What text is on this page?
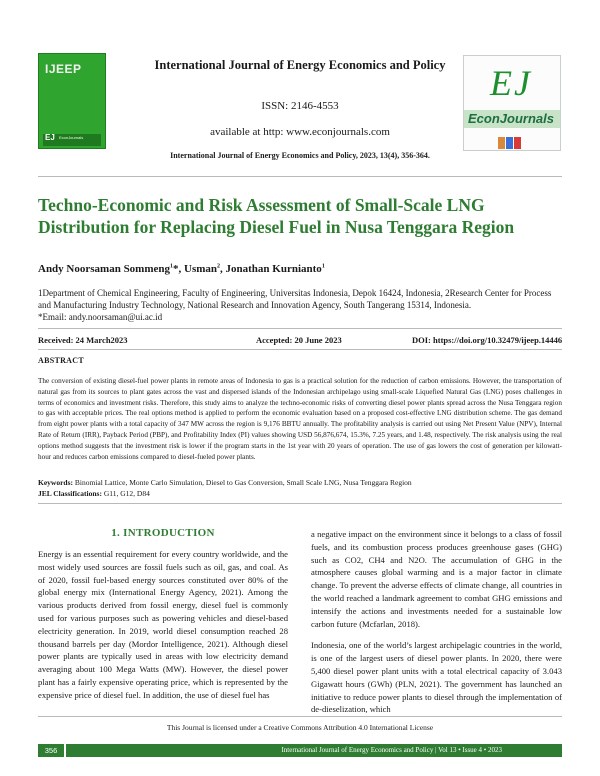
IJEEP
EJ EconJournals
International Journal of Energy Economics and Policy
ISSN: 2146-4553
available at http: www.econjournals.com
International Journal of Energy Economics and Policy, 2023, 13(4), 356-364.
EJ
EconJournals
Techno-Economic and Risk Assessment of Small-Scale LNG Distribution for Replacing Diesel Fuel in Nusa Tenggara Region
Andy Noorsaman Sommeng$^1$*, Usman$^2$, Jonathan Kurnianto$^1$
1Department of Chemical Engineering, Faculty of Engineering, Universitas Indonesia, Depok 16424, Indonesia, 2Research Center for Process and Manufacturing Industry Technology, National Research and Innovation Agency, South Tangerang 15314, Indonesia.
*Email: andy.noorsaman@ui.ac.id
Received: 24 March2023	Accepted: 20 June 2023	DOI: https://doi.org/10.32479/ijeep.14446
ABSTRACT
The conversion of existing diesel-fuel power plants in remote areas of Indonesia to gas is a practical solution for the reduction of carbon emissions. However, the transportation of natural gas from its sources to plant gates across the vast and dispersed islands of the Indonesian archipelago using small-scale Liquefied Natural Gas (LNG) poses challenges in terms of economics and investment risks. Therefore, this study aims to analyze the techno-economic risks of converting diesel power plants spread across the Nusa Tenggara region to gas with acceptable prices. The real options method is applied to perform the economic evaluation based on a proposed cost-effective LNG distribution scheme. The gas demand from eight power plants with a total capacity of 347 MW across the region is 9,176 BBTU annually. The profitability analysis is carried out using Net Present Value (NPV), Internal Rate of Return (IRR), Payback Period (PBP), and Profitability Index (PI) values showing USD 56,876,674, 15.3%, 7.25 years, and 1.48, respectively. The risk analysis using the real options method suggests that the investment risk is lower if the program starts in the 1st year with 20 years of operation. The use of gas lowers the cost of generation per kilowatt-hour and reduces carbon emissions compared to diesel-fueled power plants.
Keywords: Binomial Lattice, Monte Carlo Simulation, Diesel to Gas Conversion, Small Scale LNG, Nusa Tenggara Region
JEL Classifications: G11, G12, D84
1. INTRODUCTION
Energy is an essential requirement for every country worldwide, and the most widely used sources are fossil fuels such as oil, gas, and coal. As of 2020, fossil fuel-based energy sources constituted over 80% of the global energy mix (International Energy Agency, 2021). Among the various products derived from fossil energy, diesel fuel is commonly used for various purposes such as powering vehicles and diesel-based electricity generation. In 2019, world diesel consumption reached 28 thousand barrels per day (Mordor Intelligence, 2021). Although diesel power plants are typically used in areas with low electricity demand averaging about 100 Mega Watts (MW). However, the diesel power plant has a fairly expensive operating price, which is represented by the expensive price of diesel fuel. In addition, the use of diesel fuel has

a negative impact on the environment since it belongs to a class of fossil fuels, and its combustion process produces greenhouse gases (GHG) such as CO2, CH4 and N2O. The accumulation of GHG in the atmosphere causes global warming and is a major factor in climate change. To prevent the adverse effects of climate change, all countries in the world reached a landmark agreement to combat GHG emissions and intensify the actions and investments needed for a sustainable low carbon future (Mcfarlan, 2018).

Indonesia, one of the world’s largest archipelagic countries in the world, is one of the largest users of diesel power plants. In 2020, there were 5,400 diesel power plant units with a total electrical capacity of 3.043 Gigawatt hours (GWh) (PLN, 2021). The government has launched an initiative to reduce power plants to diesel through the implementation of de-dieselization, which

This Journal is licensed under a Creative Commons Attribution 4.0 International License
356	International Journal of Energy Economics and Policy | Vol 13 • Issue 4 • 2023
